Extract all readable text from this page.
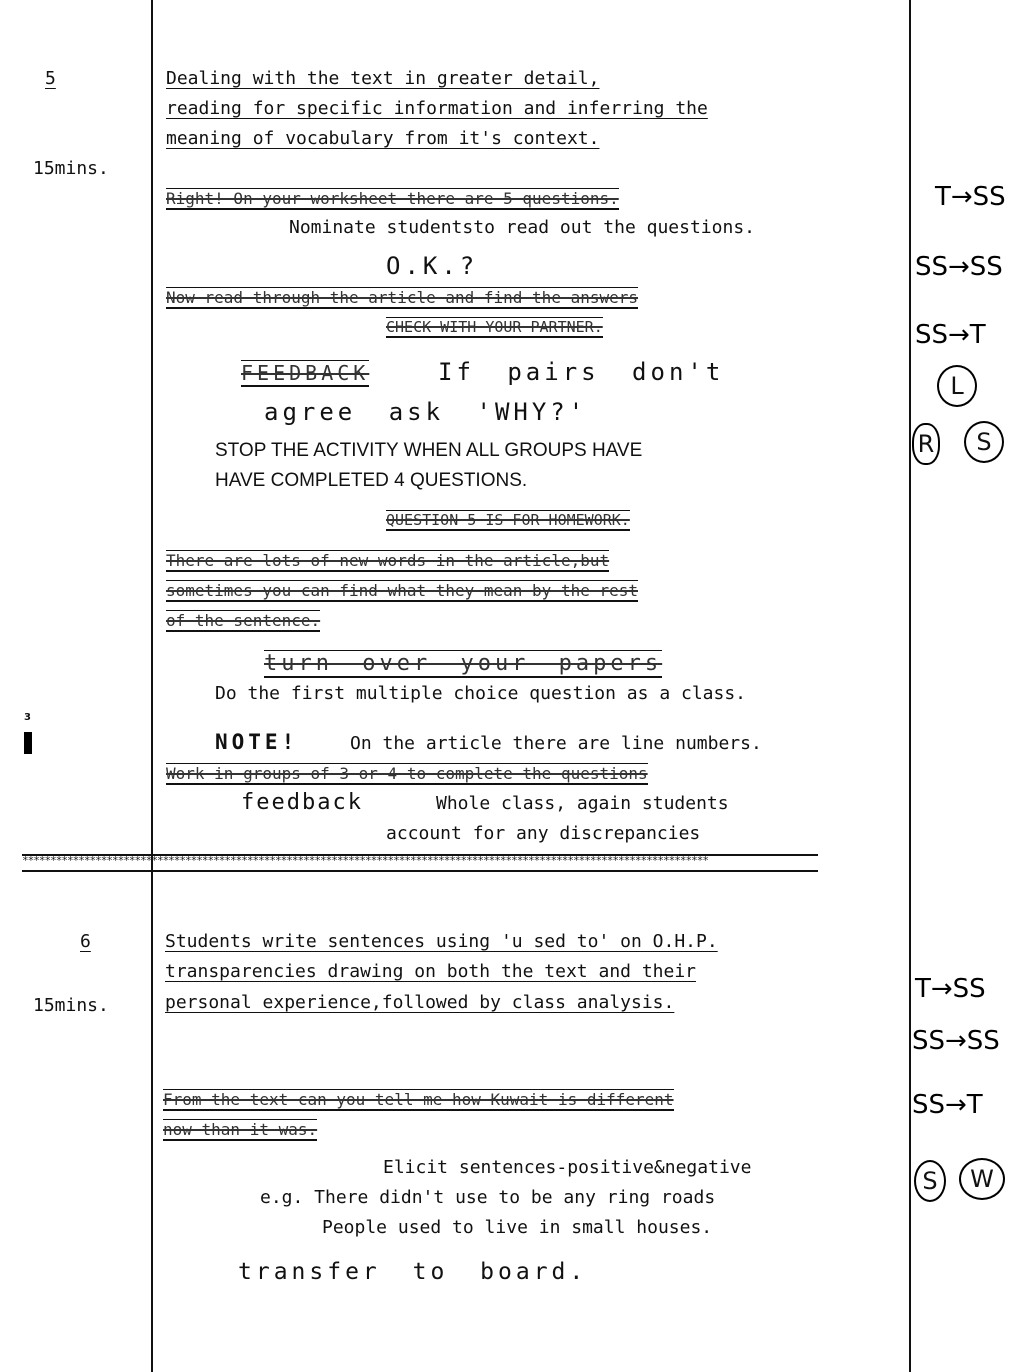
5
15mins.
Dealing with the text in greater detail,
reading for specific information and inferring the
meaning of vocabulary from it's context.
Right! On your worksheet there are 5 questions.
Nominate studentsto read out the questions.
O.K.?
Now read through the article and find the answers
CHECK WITH YOUR PARTNER.
FEEDBACK	If pairs don't
agree ask 'WHY?'
STOP THE ACTIVITY WHEN ALL GROUPS HAVE
HAVE COMPLETED 4 QUESTIONS.
QUESTION 5 IS FOR HOMEWORK.
There are lots of new words in the article,but
sometimes you can find what they mean by the rest
of the sentence.
turn over your papers
Do the first multiple choice question as a class.
3
NOTE!	On the article there are line numbers.
Work in groups of 3 or 4 to complete the questions
feedback	Whole class, again students
account for any discrepancies
**************************************************************************************************************************
T→SS
SS→SS
SS→T
L
R	S
6
15mins.
Students write sentences using 'u sed to' on O.H.P.
transparencies drawing on both the text and their
personal experience,followed by class analysis.
From the text can you tell me how Kuwait is different
now than it was.
Elicit sentences-positive&negative
e.g. There didn't use to be any ring roads
People used to live in small houses.
transfer to board.
T→SS
SS→SS
SS→T
S	W
